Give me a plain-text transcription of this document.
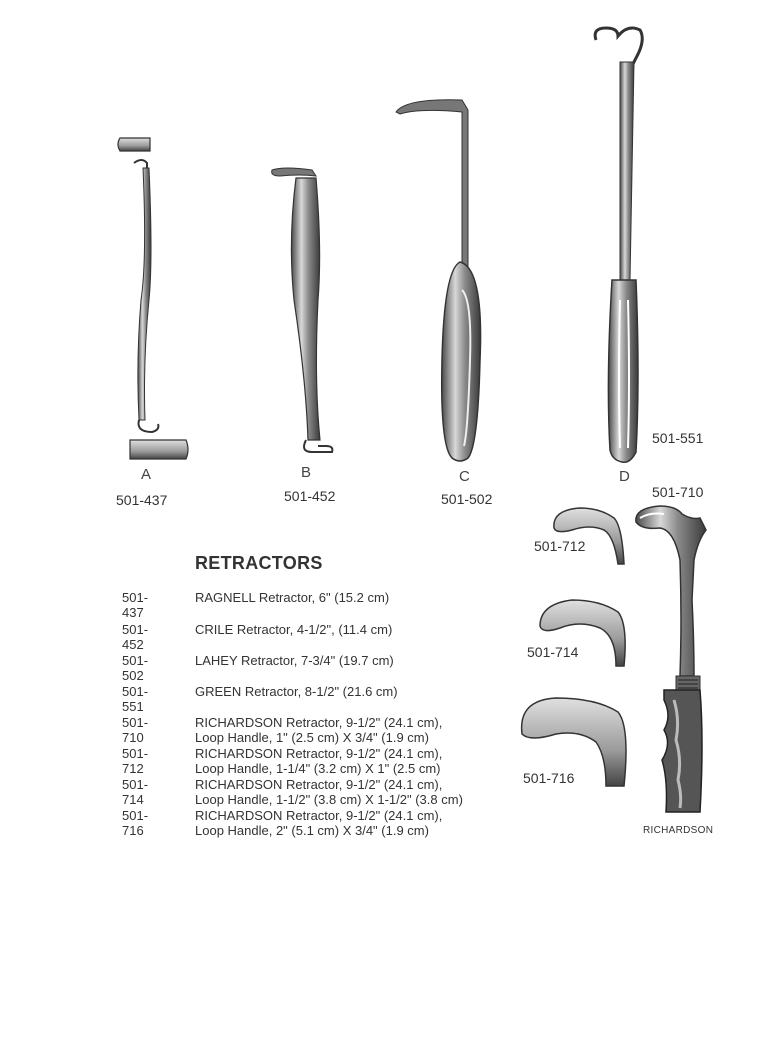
A
501-437
B
501-452
C
501-502
D
501-551
501-710
501-712
501-714
501-716
RICHARDSON
RETRACTORS
501-437
RAGNELL Retractor, 6" (15.2 cm)
501-452
CRILE Retractor, 4-1/2", (11.4 cm)
501-502
LAHEY Retractor, 7-3/4" (19.7 cm)
501-551
GREEN Retractor, 8-1/2" (21.6 cm)
501-710
RICHARDSON Retractor, 9-1/2" (24.1 cm),
Loop Handle, 1" (2.5 cm) X 3/4" (1.9 cm)
501-712
RICHARDSON Retractor, 9-1/2" (24.1 cm),
Loop Handle, 1-1/4" (3.2 cm) X 1" (2.5 cm)
501-714
RICHARDSON Retractor, 9-1/2" (24.1 cm),
Loop Handle, 1-1/2" (3.8 cm) X 1-1/2" (3.8 cm)
501-716
RICHARDSON Retractor, 9-1/2" (24.1 cm),
Loop Handle, 2" (5.1 cm) X 3/4" (1.9 cm)
